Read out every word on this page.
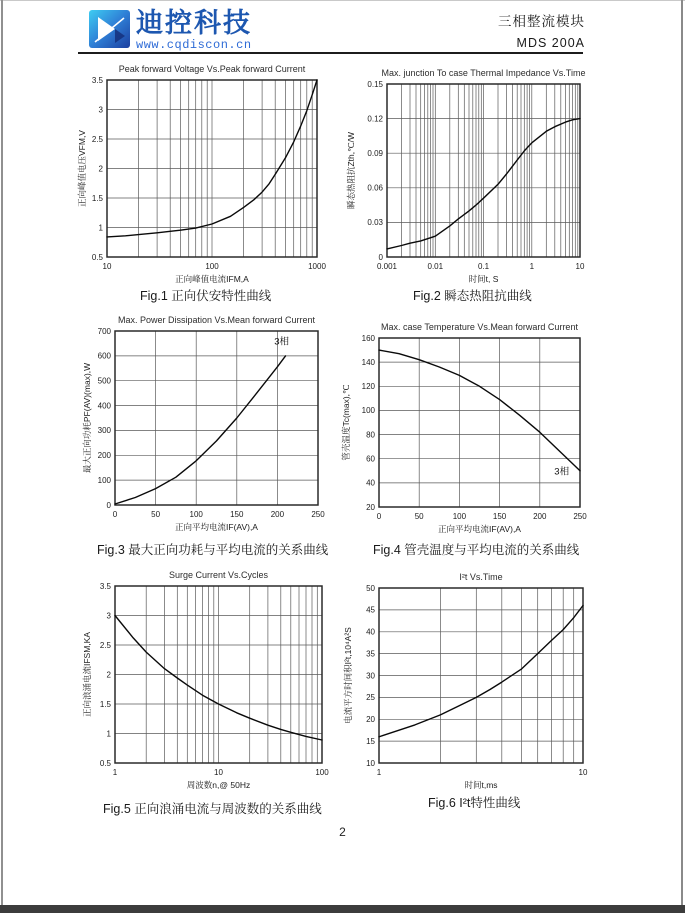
迪控科技
www.cqdiscon.cn
三相整流模块
MDS 200A
10	100	1000
0.5
1
1.5
2
2.5
3
3.5
Peak forward Voltage Vs.Peak forward Current
正向峰值电流IFM,A
正向峰值电压VFM,V
0.001	0.01	0.1	1	10
0
0.03
0.06
0.09
0.12
0.15
Max. junction To case Thermal Impedance Vs.Time
时间t, S
瞬态热阻抗Zth,℃/W
3相
0	50	100	150	200	250
0
100
200
300
400
500
600
700
Max. Power Dissipation Vs.Mean forward Current
正向平均电流IF(AV),A
最大正向功耗PF(AV)(max),W	3相
0	50	100	150	200	250
20
40
60
80
100
120
140
160
Max. case Temperature Vs.Mean forward Current
正向平均电流IF(AV),A
管壳温度Tc(max),℃
1	10	100
0.5
1
1.5
2
2.5
3
3.5
Surge Current Vs.Cycles
周波数n,@ 50Hz
正向浪涌电流IFSM,KA
1	10
10
15
20
25
30
35
40
45
50
I²t Vs.Time
时间t,ms
电流平方时间积I²t,10⁴A²S
Fig.1 正向伏安特性曲线	Fig.2 瞬态热阻抗曲线
Fig.3 最大正向功耗与平均电流的关系曲线	Fig.4 管壳温度与平均电流的关系曲线
Fig.5 正向浪涌电流与周波数的关系曲线	Fig.6 I²t特性曲线
2
